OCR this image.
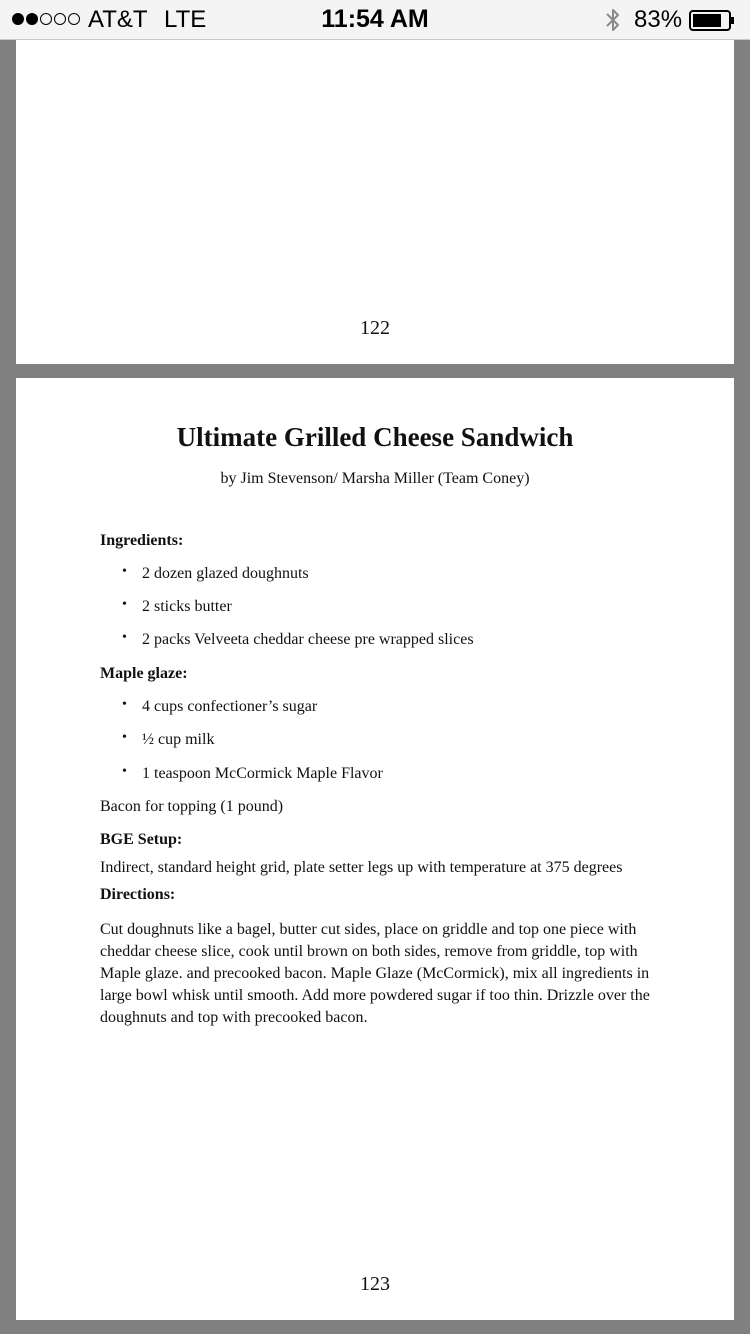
AT&T LTE	11:54 AM	83%
122
Ultimate Grilled Cheese Sandwich
by Jim Stevenson/ Marsha Miller (Team Coney)
Ingredients:
• 2 dozen glazed doughnuts
• 2 sticks butter
• 2 packs Velveeta cheddar cheese pre wrapped slices
Maple glaze:
• 4 cups confectioner’s sugar
• ½ cup milk
• 1 teaspoon McCormick Maple Flavor
Bacon for topping (1 pound)
BGE Setup:
Indirect, standard height grid, plate setter legs up with temperature at 375 degrees
Directions:
Cut doughnuts like a bagel, butter cut sides, place on griddle and top one piece with cheddar cheese slice, cook until brown on both sides, remove from griddle, top with Maple glaze. and precooked bacon. Maple Glaze (McCormick), mix all ingredients in large bowl whisk until smooth. Add more powdered sugar if too thin. Drizzle over the doughnuts and top with precooked bacon.
123
